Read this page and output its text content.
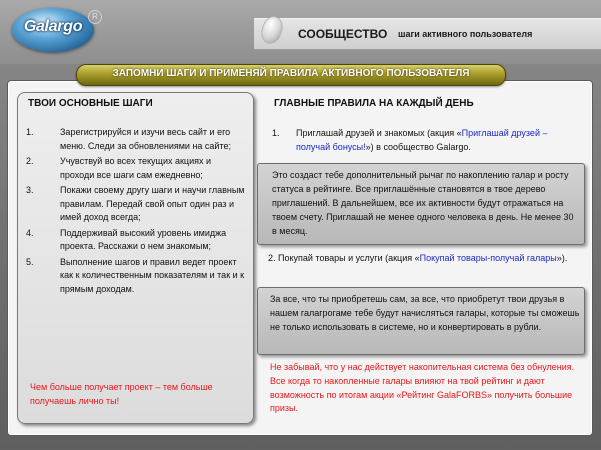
Galargo
R
СООБЩЕСТВО шаги активного пользователя
ЗАПОМНИ ШАГИ И ПРИМЕНЯЙ ПРАВИЛА АКТИВНОГО ПОЛЬЗОВАТЕЛЯ
ТВОИ ОСНОВНЫЕ ШАГИ
1.	Зарегистрируйся и изучи весь сайт и его меню. Следи за обновлениями на сайте;
2.	Учувствуй во всех текущих акциях и проходи все шаги сам ежедневно;
3.	Покажи своему другу шаги и научи главным правилам. Передай свой опыт один раз и имей доход всегда;
4.	Поддерживай высокий уровень имиджа проекта. Расскажи о нем знакомым;
5.	Выполнение шагов и правил ведет проект как к количественным показателям и так и к прямым доходам.
Чем больше получает проект – тем больше получаешь лично ты!
ГЛАВНЫЕ ПРАВИЛА НА КАЖДЫЙ ДЕНЬ
1.	Приглашай друзей и знакомых (акция «Приглашай друзей – получай бонусы!») в сообщество Galargo.
Это создаст тебе дополнительный рычаг по накоплению галар и росту статуса в рейтинге. Все приглашённые становятся в твое дерево приглашений. В дальнейшем, все их активности будут отражаться на твоем счету. Приглашай не менее одного человека в день. Не менее 30 в месяц.
2. Покупай товары и услуги (акция «Покупай товары-получай галары»).
За все, что ты приобретешь сам, за все, что приобретут твои друзья в нашем галагрогаме тебе будут начисляться галары, которые ты сможешь не только использовать в системе, но и конвертировать в рубли.
Не забывай, что у нас действует накопительная система без обнуления. Все когда то накопленные галары влияют на твой рейтинг и дают возможность по итогам акции «Рейтинг GalaFORBS» получить большие призы.
